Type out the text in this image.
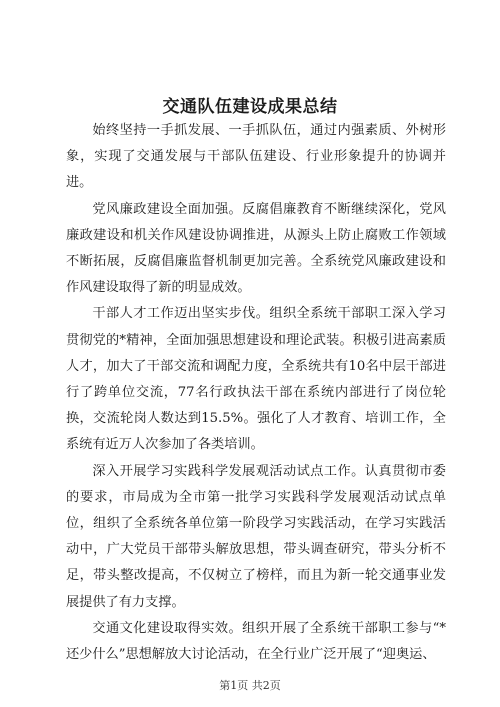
交通队伍建设成果总结

始终坚持一手抓发展、一手抓队伍，通过内强素质、外树形象，实现了交通发展与干部队伍建设、行业形象提升的协调并进。

党风廉政建设全面加强。反腐倡廉教育不断继续深化，党风廉政建设和机关作风建设协调推进，从源头上防止腐败工作领域不断拓展，反腐倡廉监督机制更加完善。全系统党风廉政建设和作风建设取得了新的明显成效。

干部人才工作迈出坚实步伐。组织全系统干部职工深入学习贯彻党的*精神，全面加强思想建设和理论武装。积极引进高素质人才，加大了干部交流和调配力度，全系统共有10名中层干部进行了跨单位交流，77名行政执法干部在系统内部进行了岗位轮换，交流轮岗人数达到15.5%。强化了人才教育、培训工作，全系统有近万人次参加了各类培训。

深入开展学习实践科学发展观活动试点工作。认真贯彻市委的要求，市局成为全市第一批学习实践科学发展观活动试点单位，组织了全系统各单位第一阶段学习实践活动，在学习实践活动中，广大党员干部带头解放思想，带头调查研究，带头分析不足，带头整改提高，不仅树立了榜样，而且为新一轮交通事业发展提供了有力支撑。

交通文化建设取得实效。组织开展了全系统干部职工参与“*还少什么”思想解放大讨论活动，在全行业广泛开展了“迎奥运、

第1页 共2页
